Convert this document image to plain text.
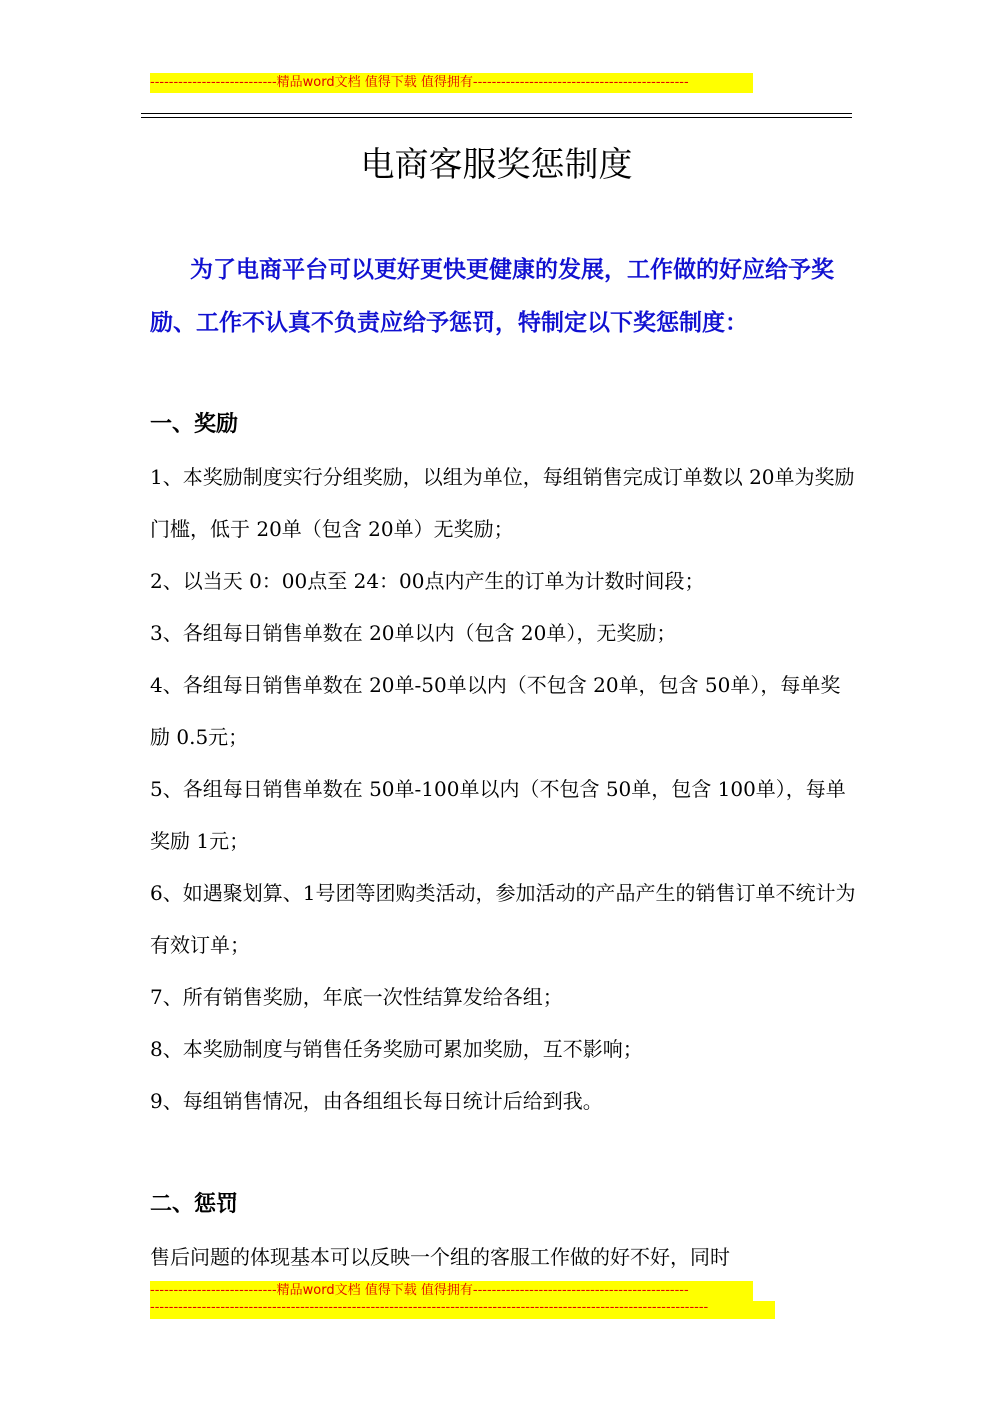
---------------------------精品word文档 值得下载 值得拥有----------------------------------------------
电商客服奖惩制度

为了电商平台可以更好更快更健康的发展，工作做的好应给予奖励、工作不认真不负责应给予惩罚，特制定以下奖惩制度：

一、奖励

1、本奖励制度实行分组奖励，以组为单位，每组销售完成订单数以 20单为奖励门槛，低于 20单（包含 20单）无奖励；

2、以当天 0：00点至 24：00点内产生的订单为计数时间段；

3、各组每日销售单数在 20单以内（包含 20单），无奖励；

4、各组每日销售单数在 20单-50单以内（不包含 20单，包含 50单），每单奖励 0.5元；

5、各组每日销售单数在 50单-100单以内（不包含 50单，包含 100单），每单奖励 1元；

6、如遇聚划算、1号团等团购类活动，参加活动的产品产生的销售订单不统计为有效订单；

7、所有销售奖励，年底一次性结算发给各组；

8、本奖励制度与销售任务奖励可累加奖励，互不影响；

9、每组销售情况，由各组组长每日统计后给到我。

二、惩罚

售后问题的体现基本可以反映一个组的客服工作做的好不好，同时

---------------------------精品word文档 值得下载 值得拥有----------------------------------------------
-----------------------------------------------------------------------------------------------------------------------
